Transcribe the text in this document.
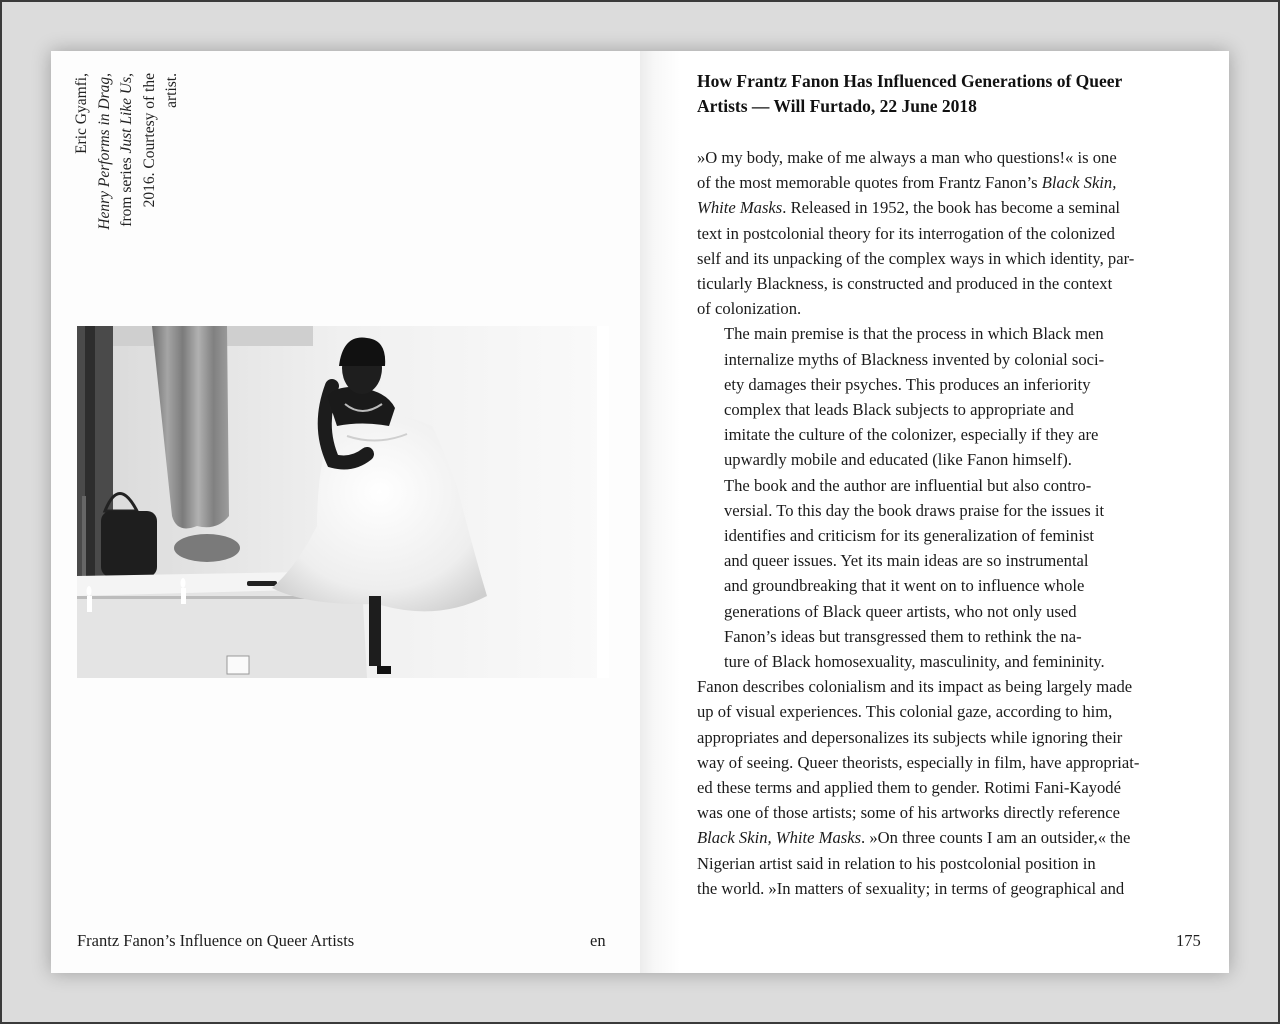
Eric Gyamfi, Henry Performs in Drag, from series Just Like Us, 2016. Courtesy of the artist.
Frantz Fanon’s Influence on Queer Artists	en
How Frantz Fanon Has Influenced Generations of Queer
Artists — Will Furtado, 22 June 2018
»O my body, make of me always a man who questions!« is one
of the most memorable quotes from Frantz Fanon’s Black Skin,
White Masks. Released in 1952, the book has become a seminal
text in postcolonial theory for its interrogation of the colonized
self and its unpacking of the complex ways in which identity, par-
ticularly Blackness, is constructed and produced in the context
of colonization.
The main premise is that the process in which Black men
internalize myths of Blackness invented by colonial soci-
ety damages their psyches. This produces an inferiority
complex that leads Black subjects to appropriate and
imitate the culture of the colonizer, especially if they are
upwardly mobile and educated (like Fanon himself).
The book and the author are influential but also contro-
versial. To this day the book draws praise for the issues it
identifies and criticism for its generalization of feminist
and queer issues. Yet its main ideas are so instrumental
and groundbreaking that it went on to influence whole
generations of Black queer artists, who not only used
Fanon’s ideas but transgressed them to rethink the na-
ture of Black homosexuality, masculinity, and femininity.
Fanon describes colonialism and its impact as being largely made
up of visual experiences. This colonial gaze, according to him,
appropriates and depersonalizes its subjects while ignoring their
way of seeing. Queer theorists, especially in film, have appropriat-
ed these terms and applied them to gender. Rotimi Fani-Kayodé
was one of those artists; some of his artworks directly reference
Black Skin, White Masks. »On three counts I am an outsider,« the
Nigerian artist said in relation to his postcolonial position in
the world. »In matters of sexuality; in terms of geographical and
175
